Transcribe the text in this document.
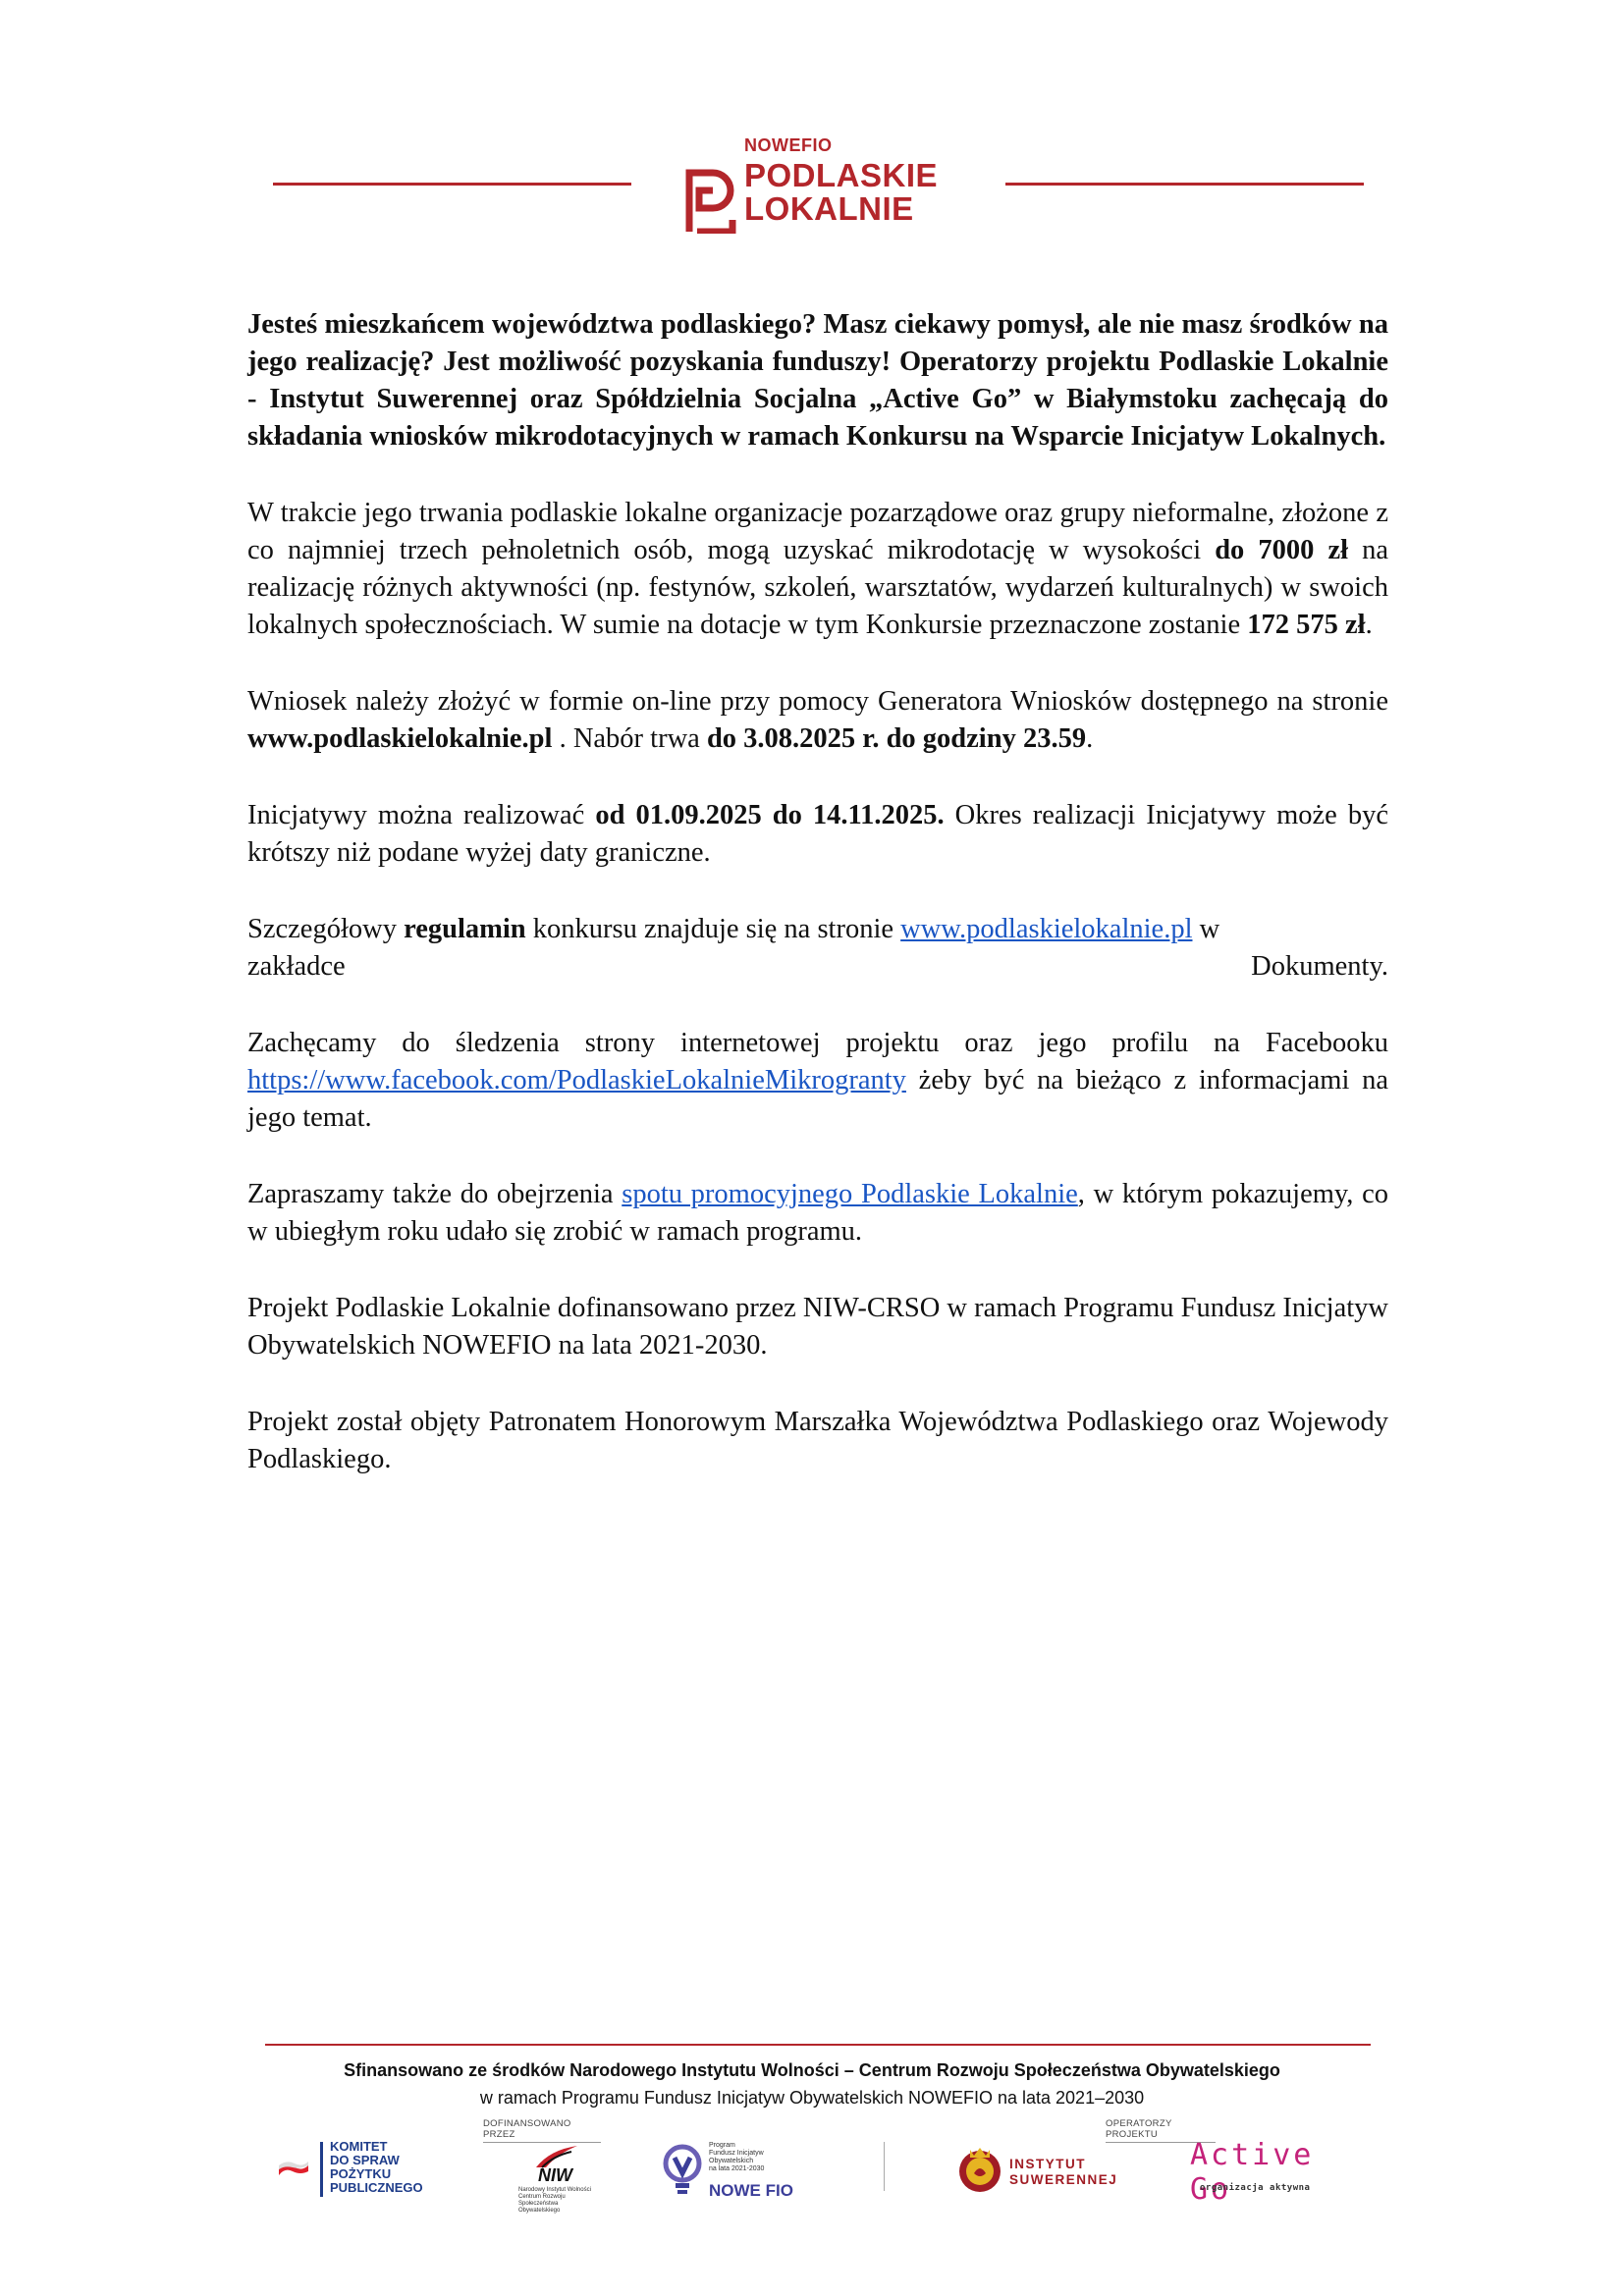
NOWEFIO
PODLASKIE
LOKALNIE

Jesteś mieszkańcem województwa podlaskiego? Masz ciekawy pomysł, ale nie masz środków na jego realizację? Jest możliwość pozyskania funduszy! Operatorzy projektu Podlaskie Lokalnie - Instytut Suwerennej oraz Spółdzielnia Socjalna „Active Go” w Białymstoku zachęcają do składania wniosków mikrodotacyjnych w ramach Konkursu na Wsparcie Inicjatyw Lokalnych.

W trakcie jego trwania podlaskie lokalne organizacje pozarządowe oraz grupy nieformalne, złożone z co najmniej trzech pełnoletnich osób, mogą uzyskać mikrodotację w wysokości do 7000 zł na realizację różnych aktywności (np. festynów, szkoleń, warsztatów, wydarzeń kulturalnych) w swoich lokalnych społecznościach. W sumie na dotacje w tym Konkursie przeznaczone zostanie 172 575 zł.

Wniosek należy złożyć w formie on-line przy pomocy Generatora Wniosków dostępnego na stronie www.podlaskielokalnie.pl . Nabór trwa do 3.08.2025 r. do godziny 23.59.

Inicjatywy można realizować od 01.09.2025 do 14.11.2025. Okres realizacji Inicjatywy może być krótszy niż podane wyżej daty graniczne.

Szczegółowy regulamin konkursu znajduje się na stronie www.podlaskielokalnie.pl w
zakładce	Dokumenty.

Zachęcamy do śledzenia strony internetowej projektu oraz jego profilu na Facebooku https://www.facebook.com/PodlaskieLokalnieMikrogranty żeby być na bieżąco z informacjami na jego temat.

Zapraszamy także do obejrzenia spotu promocyjnego Podlaskie Lokalnie, w którym pokazujemy, co w ubiegłym roku udało się zrobić w ramach programu.

Projekt Podlaskie Lokalnie dofinansowano przez NIW-CRSO w ramach Programu Fundusz Inicjatyw Obywatelskich NOWEFIO na lata 2021-2030.

Projekt został objęty Patronatem Honorowym Marszałka Województwa Podlaskiego oraz Wojewody Podlaskiego.

Sfinansowano ze środków Narodowego Instytutu Wolności – Centrum Rozwoju Społeczeństwa Obywatelskiego
w ramach Programu Fundusz Inicjatyw Obywatelskich NOWEFIO na lata 2021–2030
DOFINANSOWANO PRZEZ
OPERATORZY PROJEKTU
KOMITET
DO SPRAW
POŻYTKU
PUBLICZNEGO
NIW
Narodowy Instytut Wolności Centrum Rozwoju Społeczeństwa Obywatelskiego
Program
Fundusz Inicjatyw
Obywatelskich
na lata 2021-2030
NOWE FIO
INSTYTUT
SUWERENNEJ
Active Go
organizacja aktywna
